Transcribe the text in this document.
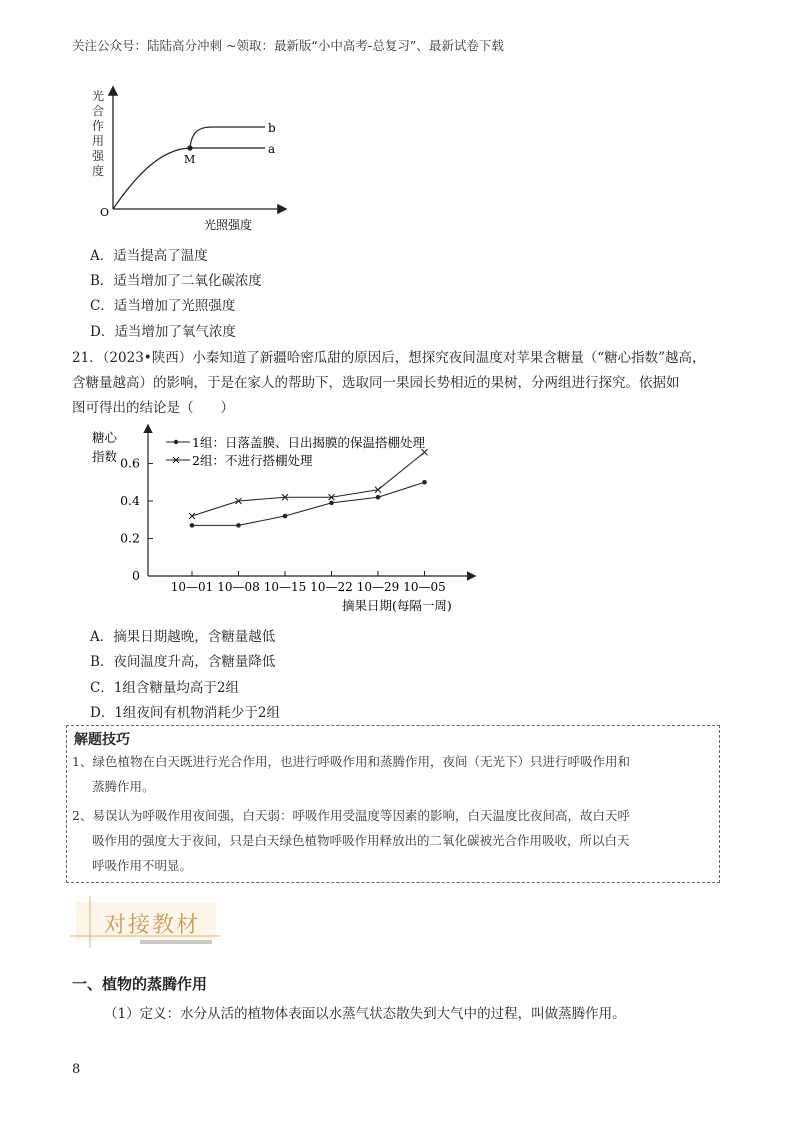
关注公众号：陆陆高分冲刺 ~领取：最新版“小中高考-总复习”、最新试卷下载
光
合
作
用
强
度
O
M
b
a
光照强度
A．适当提高了温度
B．适当增加了二氧化碳浓度
C．适当增加了光照强度
D．适当增加了氧气浓度
21．（2023•陕西）小秦知道了新疆哈密瓜甜的原因后，想探究夜间温度对苹果含糖量（“糖心指数”越高，
含糖量越高）的影响，于是在家人的帮助下，选取同一果园长势相近的果树，分两组进行探究。依据如
图可得出的结论是（　　）
糖心
指数
摘果日期(每隔一周)
1组：日落盖膜、日出揭膜的保温搭棚处理
2组：不进行搭棚处理
0
0.2
0.4
0.6
10—01 10—08 10—15 10—22 10—29 10—05
A．摘果日期越晚，含糖量越低
B．夜间温度升高，含糖量降低
C．1组含糖量均高于2组
D．1组夜间有机物消耗少于2组
解题技巧
1、绿色植物在白天既进行光合作用，也进行呼吸作用和蒸腾作用，夜间（无光下）只进行呼吸作用和
蒸腾作用。
2、易误认为呼吸作用夜间强，白天弱：呼吸作用受温度等因素的影响，白天温度比夜间高，故白天呼
吸作用的强度大于夜间，只是白天绿色植物呼吸作用释放出的二氧化碳被光合作用吸收，所以白天
呼吸作用不明显。
对接教材
一、植物的蒸腾作用
（1）定义：水分从活的植物体表面以水蒸气状态散失到大气中的过程，叫做蒸腾作用。
8
